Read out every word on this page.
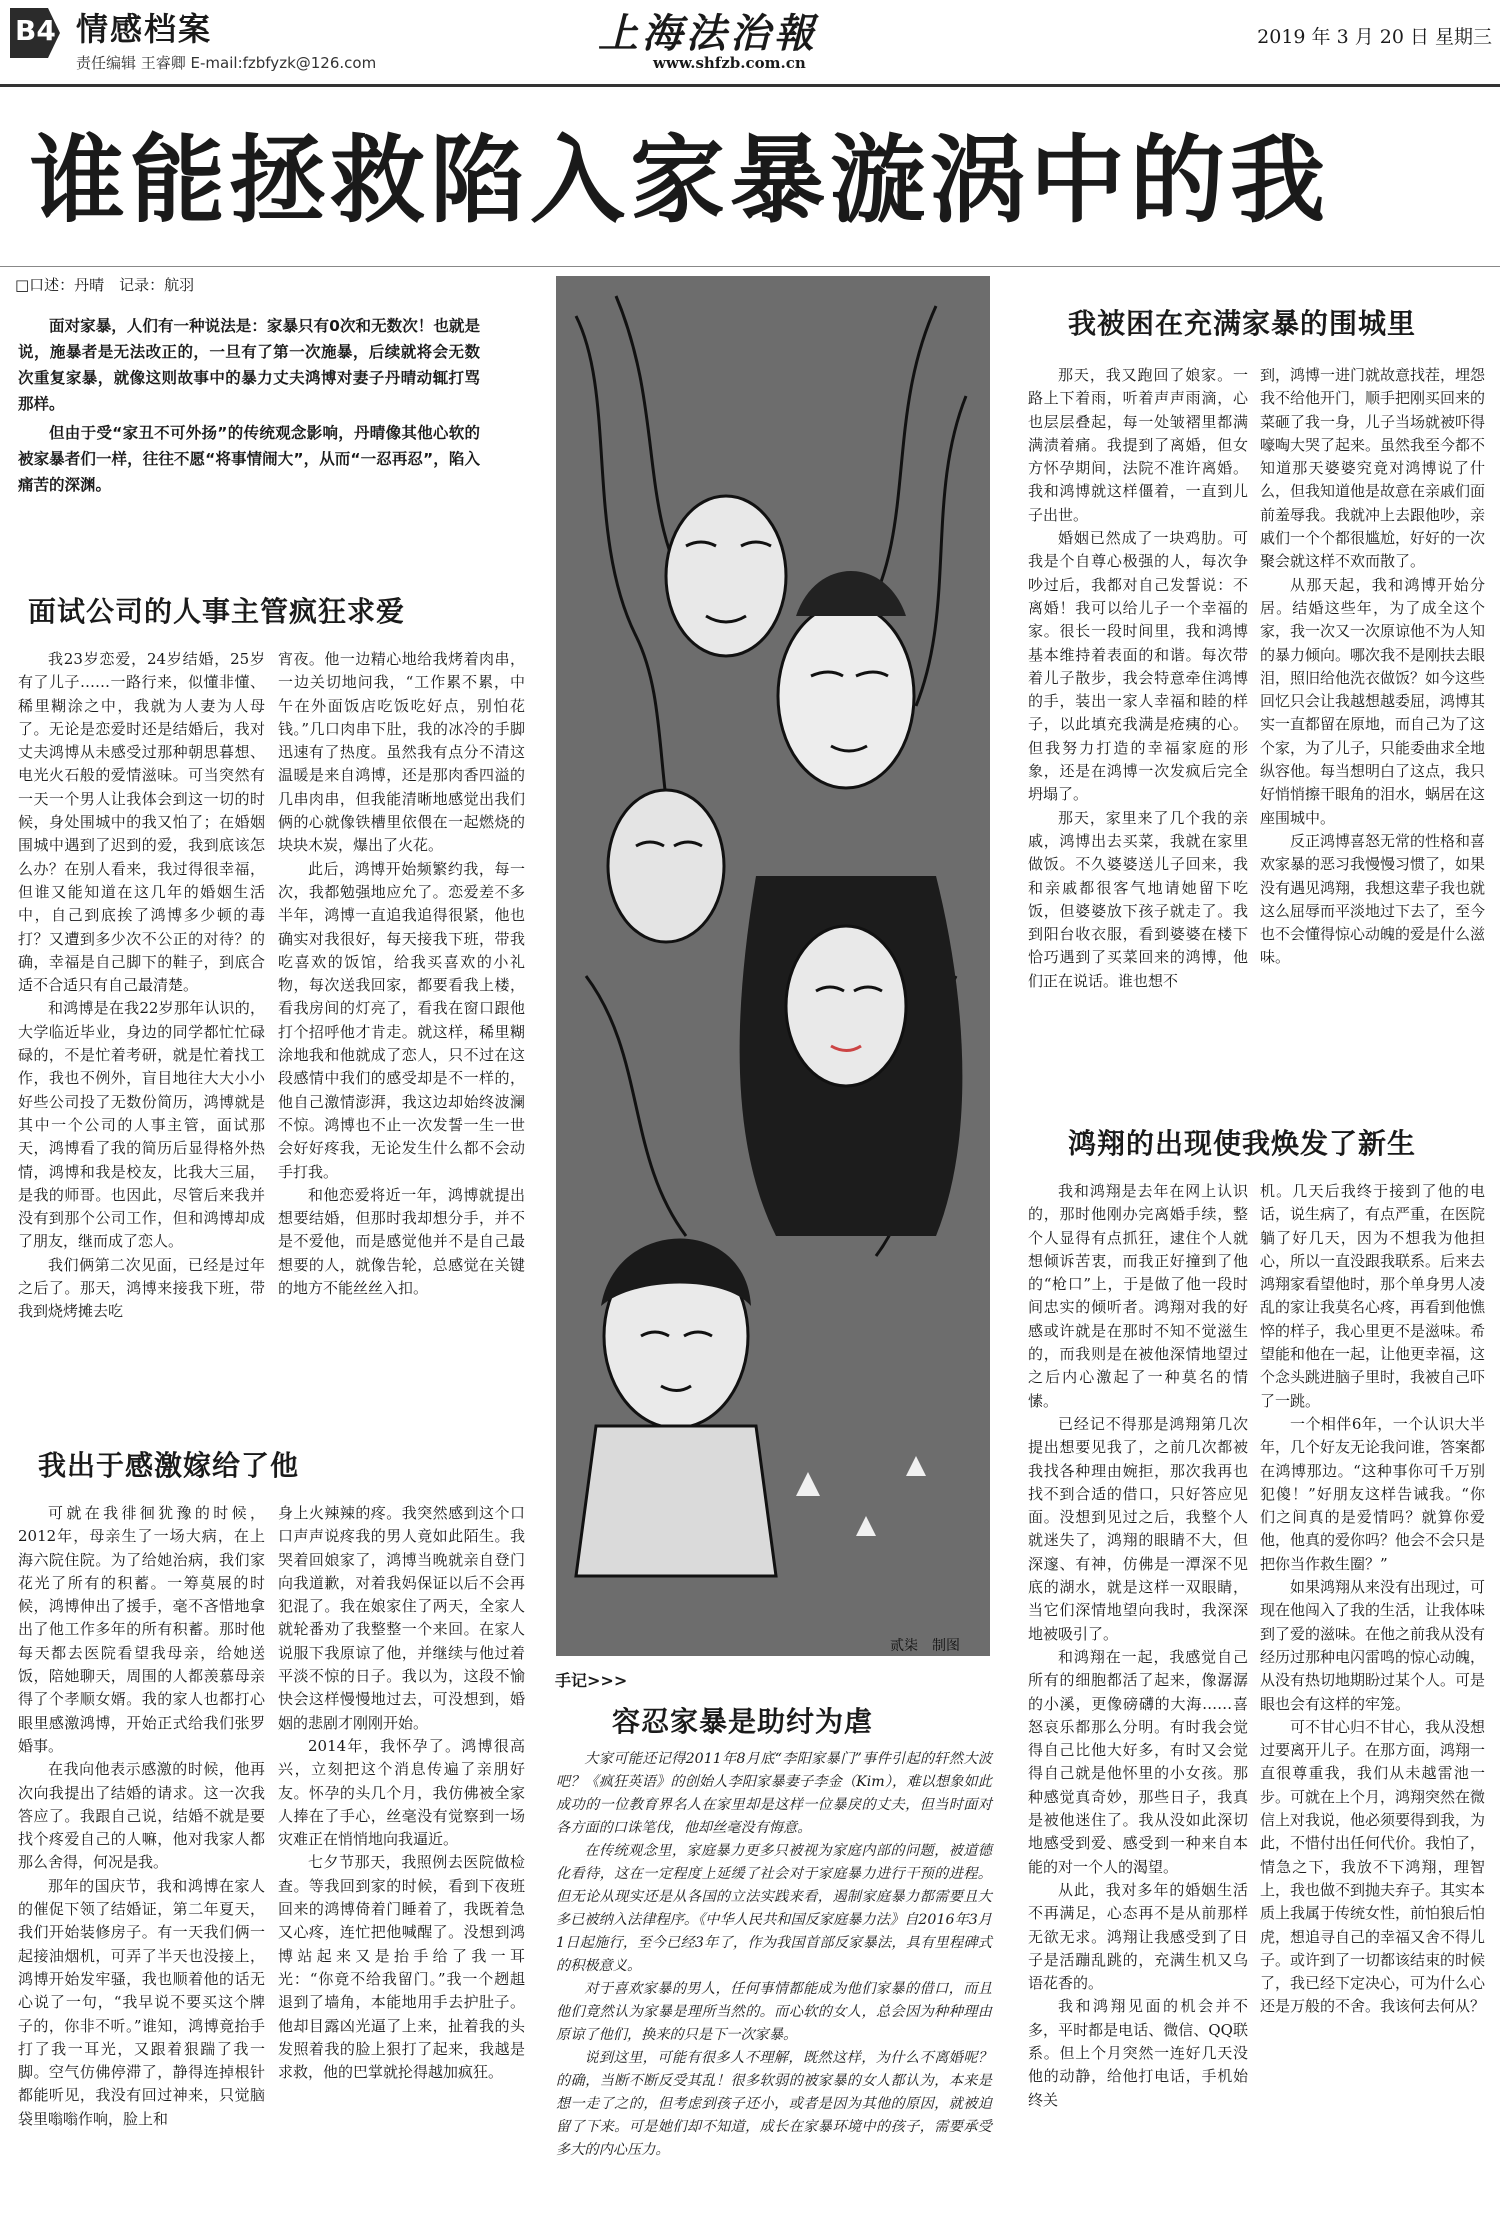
B4 情感档案
责任编辑 王睿卿 E-mail:fzbfyzk@126.com
上海法治報
www.shfzb.com.cn
2019 年 3 月 20 日 星期三
谁能拯救陷入家暴漩涡中的我
□口述：丹晴　记录：航羽

面对家暴，人们有一种说法是：家暴只有0次和无数次！也就是说，施暴者是无法改正的，一旦有了第一次施暴，后续就将会无数次重复家暴，就像这则故事中的暴力丈夫鸿博对妻子丹晴动辄打骂那样。

但由于受“家丑不可外扬”的传统观念影响，丹晴像其他心软的被家暴者们一样，往往不愿“将事情闹大”，从而“一忍再忍”，陷入痛苦的深渊。

面试公司的人事主管疯狂求爱

我23岁恋爱，24岁结婚，25岁有了儿子……一路行来，似懂非懂、稀里糊涂之中，我就为人妻为人母了。无论是恋爱时还是结婚后，我对丈夫鸿博从未感受过那种朝思暮想、电光火石般的爱情滋味。可当突然有一天一个男人让我体会到这一切的时候，身处围城中的我又怕了；在婚姻围城中遇到了迟到的爱，我到底该怎么办？在别人看来，我过得很幸福，但谁又能知道在这几年的婚姻生活中，自己到底挨了鸿博多少顿的毒打？又遭到多少次不公正的对待？的确，幸福是自己脚下的鞋子，到底合适不合适只有自己最清楚。

和鸿博是在我22岁那年认识的，大学临近毕业，身边的同学都忙忙碌碌的，不是忙着考研，就是忙着找工作，我也不例外，盲目地往大大小小好些公司投了无数份简历，鸿博就是其中一个公司的人事主管，面试那天，鸿博看了我的简历后显得格外热情，鸿博和我是校友，比我大三届，是我的师哥。也因此，尽管后来我并没有到那个公司工作，但和鸿博却成了朋友，继而成了恋人。

我们俩第二次见面，已经是过年之后了。那天，鸿博来接我下班，带我到烧烤摊去吃

宵夜。他一边精心地给我烤着肉串，一边关切地问我，“工作累不累，中午在外面饭店吃饭吃好点，别怕花钱。”几口肉串下肚，我的冰冷的手脚迅速有了热度。虽然我有点分不清这温暖是来自鸿博，还是那肉香四溢的几串肉串，但我能清晰地感觉出我们俩的心就像铁槽里依偎在一起燃烧的块块木炭，爆出了火花。

此后，鸿博开始频繁约我，每一次，我都勉强地应允了。恋爱差不多半年，鸿博一直追我追得很紧，他也确实对我很好，每天接我下班，带我吃喜欢的饭馆，给我买喜欢的小礼物，每次送我回家，都要看我上楼，看我房间的灯亮了，看我在窗口跟他打个招呼他才肯走。就这样，稀里糊涂地我和他就成了恋人，只不过在这段感情中我们的感受却是不一样的，他自己激情澎湃，我这边却始终波澜不惊。鸿博也不止一次发誓一生一世会好好疼我，无论发生什么都不会动手打我。

和他恋爱将近一年，鸿博就提出想要结婚，但那时我却想分手，并不是不爱他，而是感觉他并不是自己最想要的人，就像告轮，总感觉在关键的地方不能丝丝入扣。

我出于感激嫁给了他

可就在我徘徊犹豫的时候，2012年，母亲生了一场大病，在上海六院住院。为了给她治病，我们家花光了所有的积蓄。一筹莫展的时候，鸿博伸出了援手，毫不吝惜地拿出了他工作多年的所有积蓄。那时他每天都去医院看望我母亲，给她送饭，陪她聊天，周围的人都羡慕母亲得了个孝顺女婿。我的家人也都打心眼里感激鸿博，开始正式给我们张罗婚事。

在我向他表示感激的时候，他再次向我提出了结婚的请求。这一次我答应了。我跟自己说，结婚不就是要找个疼爱自己的人嘛，他对我家人都那么舍得，何况是我。

那年的国庆节，我和鸿博在家人的催促下领了结婚证，第二年夏天，我们开始装修房子。有一天我们俩一起接油烟机，可弄了半天也没接上，鸿博开始发牢骚，我也顺着他的话无心说了一句，“我早说不要买这个牌子的，你非不听。”谁知，鸿博竟抬手打了我一耳光，又跟着狠踹了我一脚。空气仿佛停滞了，静得连掉根针都能听见，我没有回过神来，只觉脑袋里嗡嗡作响，脸上和

身上火辣辣的疼。我突然感到这个口口声声说疼我的男人竟如此陌生。我哭着回娘家了，鸿博当晚就亲自登门向我道歉，对着我妈保证以后不会再犯混了。我在娘家住了两天，全家人就轮番劝了我整整一个来回。在家人说服下我原谅了他，并继续与他过着平淡不惊的日子。我以为，这段不愉快会这样慢慢地过去，可没想到，婚姻的悲剧才刚刚开始。

2014年，我怀孕了。鸿博很高兴，立刻把这个消息传遍了亲朋好友。怀孕的头几个月，我仿佛被全家人捧在了手心，丝毫没有觉察到一场灾难正在悄悄地向我逼近。

七夕节那天，我照例去医院做检查。等我回到家的时候，看到下夜班回来的鸿博倚着门睡着了，我既着急又心疼，连忙把他喊醒了。没想到鸿博站起来又是抬手给了我一耳光：“你竟不给我留门。”我一个趔趄退到了墙角，本能地用手去护肚子。他却目露凶光逼了上来，扯着我的头发照着我的脸上狠打了起来，我越是求救，他的巴掌就抡得越加疯狂。

贰柒　制图
手记>>>
容忍家暴是助纣为虐

大家可能还记得2011年8月底“李阳家暴门”事件引起的轩然大波吧？《疯狂英语》的创始人李阳家暴妻子李金（Kim），难以想象如此成功的一位教育界名人在家里却是这样一位暴戾的丈夫，但当时面对各方面的口诛笔伐，他却丝毫没有悔意。

在传统观念里，家庭暴力更多只被视为家庭内部的问题，被道德化看待，这在一定程度上延缓了社会对于家庭暴力进行干预的进程。但无论从现实还是从各国的立法实践来看，遏制家庭暴力都需要且大多已被纳入法律程序。《中华人民共和国反家庭暴力法》自2016年3月1日起施行，至今已经3年了，作为我国首部反家暴法，具有里程碑式的积极意义。

对于喜欢家暴的男人，任何事情都能成为他们家暴的借口，而且他们竟然认为家暴是理所当然的。而心软的女人，总会因为种种理由原谅了他们，换来的只是下一次家暴。

说到这里，可能有很多人不理解，既然这样，为什么不离婚呢？的确，当断不断反受其乱！很多软弱的被家暴的女人都认为，本来是想一走了之的，但考虑到孩子还小，或者是因为其他的原因，就被迫留了下来。可是她们却不知道，成长在家暴环境中的孩子，需要承受多大的内心压力。

我被困在充满家暴的围城里

那天，我又跑回了娘家。一路上下着雨，听着声声雨滴，心也层层叠起，每一处皱褶里都满满渍着痛。我提到了离婚，但女方怀孕期间，法院不准许离婚。我和鸿博就这样僵着，一直到儿子出世。

婚姻已然成了一块鸡肋。可我是个自尊心极强的人，每次争吵过后，我都对自己发誓说：不离婚！我可以给儿子一个幸福的家。很长一段时间里，我和鸿博基本维持着表面的和谐。每次带着儿子散步，我会特意牵住鸿博的手，装出一家人幸福和睦的样子，以此填充我满是疮痍的心。但我努力打造的幸福家庭的形象，还是在鸿博一次发疯后完全坍塌了。

那天，家里来了几个我的亲戚，鸿博出去买菜，我就在家里做饭。不久婆婆送儿子回来，我和亲戚都很客气地请她留下吃饭，但婆婆放下孩子就走了。我到阳台收衣服，看到婆婆在楼下恰巧遇到了买菜回来的鸿博，他们正在说话。谁也想不

到，鸿博一进门就故意找茬，埋怨我不给他开门，顺手把刚买回来的菜砸了我一身，儿子当场就被吓得嚎啕大哭了起来。虽然我至今都不知道那天婆婆究竟对鸿博说了什么，但我知道他是故意在亲戚们面前羞辱我。我就冲上去跟他吵，亲戚们一个个都很尴尬，好好的一次聚会就这样不欢而散了。

从那天起，我和鸿博开始分居。结婚这些年，为了成全这个家，我一次又一次原谅他不为人知的暴力倾向。哪次我不是刚扶去眼泪，照旧给他洗衣做饭？如今这些回忆只会让我越想越委屈，鸿博其实一直都留在原地，而自己为了这个家，为了儿子，只能委曲求全地纵容他。每当想明白了这点，我只好悄悄擦干眼角的泪水，蜗居在这座围城中。

反正鸿博喜怒无常的性格和喜欢家暴的恶习我慢慢习惯了，如果没有遇见鸿翔，我想这辈子我也就这么屈辱而平淡地过下去了，至今也不会懂得惊心动魄的爱是什么滋味。

鸿翔的出现使我焕发了新生

我和鸿翔是去年在网上认识的，那时他刚办完离婚手续，整个人显得有点抓狂，逮住个人就想倾诉苦衷，而我正好撞到了他的“枪口”上，于是做了他一段时间忠实的倾听者。鸿翔对我的好感或许就是在那时不知不觉滋生的，而我则是在被他深情地望过之后内心激起了一种莫名的情愫。

已经记不得那是鸿翔第几次提出想要见我了，之前几次都被我找各种理由婉拒，那次我再也找不到合适的借口，只好答应见面。没想到见过之后，我整个人就迷失了，鸿翔的眼睛不大，但深邃、有神，仿佛是一潭深不见底的湖水，就是这样一双眼睛，当它们深情地望向我时，我深深地被吸引了。

和鸿翔在一起，我感觉自己所有的细胞都活了起来，像潺潺的小溪，更像磅礴的大海……喜怒哀乐都那么分明。有时我会觉得自己比他大好多，有时又会觉得自己就是他怀里的小女孩。那种感觉真奇妙，那些日子，我真是被他迷住了。我从没如此深切地感受到爱、感受到一种来自本能的对一个人的渴望。

从此，我对多年的婚姻生活不再满足，心态再不是从前那样无欲无求。鸿翔让我感受到了日子是活蹦乱跳的，充满生机又乌语花香的。

我和鸿翔见面的机会并不多，平时都是电话、微信、QQ联系。但上个月突然一连好几天没他的动静，给他打电话，手机始终关

机。几天后我终于接到了他的电话，说生病了，有点严重，在医院躺了好几天，因为不想我为他担心，所以一直没跟我联系。后来去鸿翔家看望他时，那个单身男人凌乱的家让我莫名心疼，再看到他憔悴的样子，我心里更不是滋味。希望能和他在一起，让他更幸福，这个念头跳进脑子里时，我被自己吓了一跳。

一个相伴6年，一个认识大半年，几个好友无论我问谁，答案都在鸿博那边。“这种事你可千万别犯傻！”好朋友这样告诫我。“你们之间真的是爱情吗？就算你爱他，他真的爱你吗？他会不会只是把你当作救生圈？”

如果鸿翔从来没有出现过，可现在他闯入了我的生活，让我体味到了爱的滋味。在他之前我从没有经历过那种电闪雷鸣的惊心动魄，从没有热切地期盼过某个人。可是眼也会有这样的牢笼。

可不甘心归不甘心，我从没想过要离开儿子。在那方面，鸿翔一直很尊重我，我们从未越雷池一步。可就在上个月，鸿翔突然在微信上对我说，他必须要得到我，为此，不惜付出任何代价。我怕了，情急之下，我放不下鸿翔，理智上，我也做不到抛夫弃子。其实本质上我属于传统女性，前怕狼后怕虎，想追寻自己的幸福又舍不得儿子。或许到了一切都该结束的时候了，我已经下定决心，可为什么心还是万般的不舍。我该何去何从？
